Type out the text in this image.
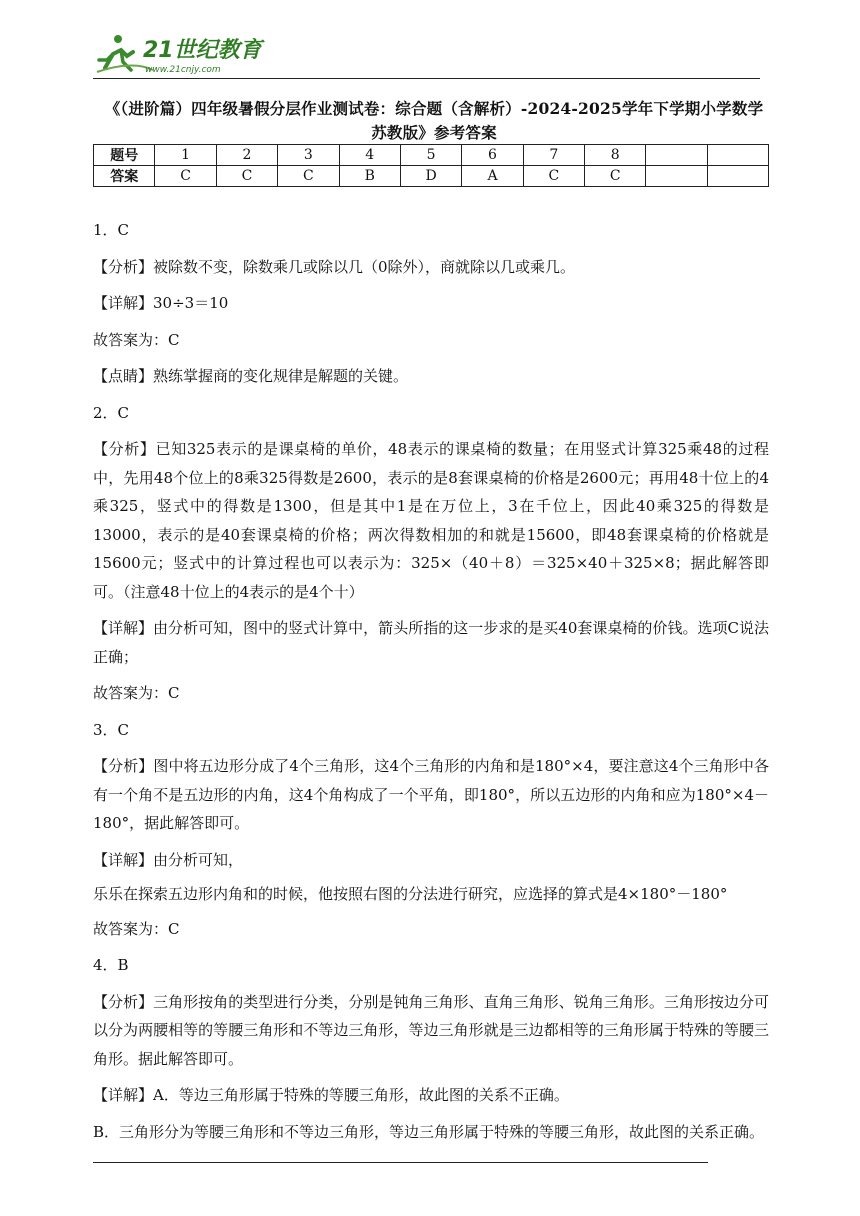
21世纪教育
www.21cnjy.com
《（进阶篇）四年级暑假分层作业测试卷：综合题（含解析）-2024-2025学年下学期小学数学苏教版》参考答案
题号	1	2	3	4	5	6	7	8		
答案	C	C	C	B	D	A	C	C		

1．C

【分析】被除数不变，除数乘几或除以几（0除外），商就除以几或乘几。

【详解】30÷3＝10

故答案为：C

【点睛】熟练掌握商的变化规律是解题的关键。

2．C

【分析】已知325表示的是课桌椅的单价，48表示的课桌椅的数量；在用竖式计算325乘48的过程中，先用48个位上的8乘325得数是2600，表示的是8套课桌椅的价格是2600元；再用48十位上的4乘325，竖式中的得数是1300，但是其中1是在万位上，3在千位上，因此40乘325的得数是13000，表示的是40套课桌椅的价格；两次得数相加的和就是15600，即48套课桌椅的价格就是15600元；竖式中的计算过程也可以表示为：325×（40＋8）＝325×40＋325×8；据此解答即可。（注意48十位上的4表示的是4个十）

【详解】由分析可知，图中的竖式计算中，箭头所指的这一步求的是买40套课桌椅的价钱。选项C说法正确；

故答案为：C

3．C

【分析】图中将五边形分成了4个三角形，这4个三角形的内角和是180°×4，要注意这4个三角形中各有一个角不是五边形的内角，这4个角构成了一个平角，即180°，所以五边形的内角和应为180°×4－180°，据此解答即可。

【详解】由分析可知，

乐乐在探索五边形内角和的时候，他按照右图的分法进行研究，应选择的算式是4×180°－180°

故答案为：C

4．B

【分析】三角形按角的类型进行分类，分别是钝角三角形、直角三角形、锐角三角形。三角形按边分可以分为两腰相等的等腰三角形和不等边三角形，等边三角形就是三边都相等的三角形属于特殊的等腰三角形。据此解答即可。

【详解】A．等边三角形属于特殊的等腰三角形，故此图的关系不正确。

B．三角形分为等腰三角形和不等边三角形，等边三角形属于特殊的等腰三角形，故此图的关系正确。
